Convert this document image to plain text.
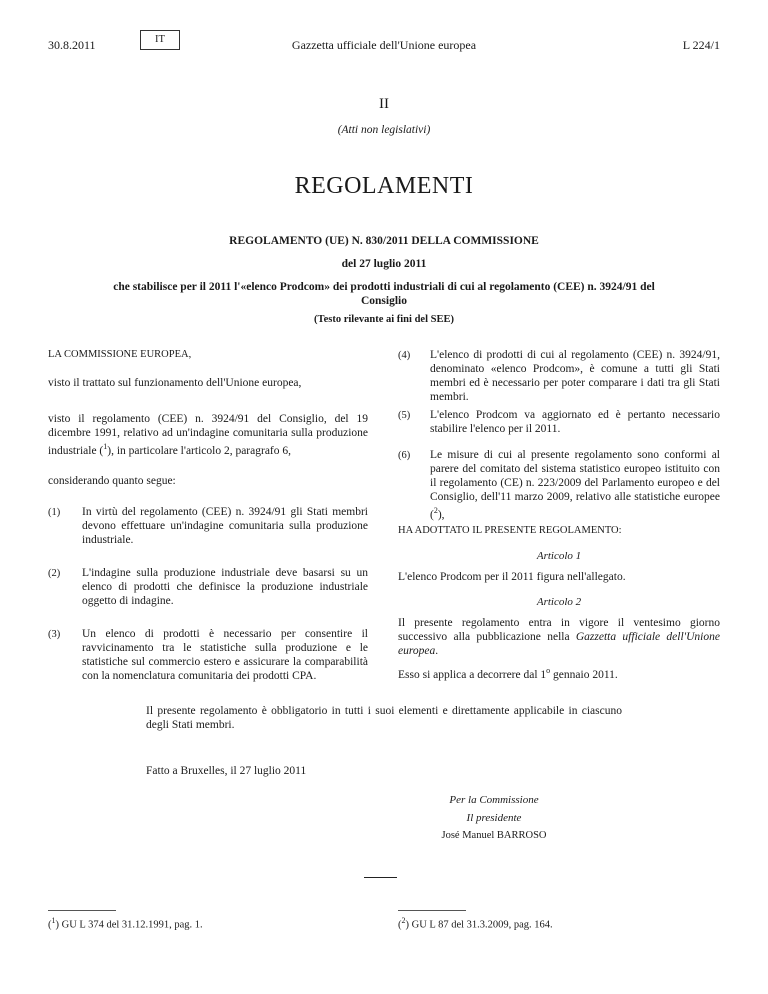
30.8.2011	IT	Gazzetta ufficiale dell'Unione europea	L 224/1
II
(Atti non legislativi)
REGOLAMENTI
REGOLAMENTO (UE) N. 830/2011 DELLA COMMISSIONE
del 27 luglio 2011
che stabilisce per il 2011 l'«elenco Prodcom» dei prodotti industriali di cui al regolamento (CEE) n. 3924/91 del Consiglio
(Testo rilevante ai fini del SEE)
LA COMMISSIONE EUROPEA,
visto il trattato sul funzionamento dell'Unione europea,
visto il regolamento (CEE) n. 3924/91 del Consiglio, del 19 dicembre 1991, relativo ad un'indagine comunitaria sulla produzione industriale ($^1$), in particolare l'articolo 2, paragrafo 6,
considerando quanto segue:
(1) In virtù del regolamento (CEE) n. 3924/91 gli Stati membri devono effettuare un'indagine comunitaria sulla produzione industriale.
(2) L'indagine sulla produzione industriale deve basarsi su un elenco di prodotti che definisce la produzione industriale oggetto di indagine.
(3) Un elenco di prodotti è necessario per consentire il ravvicinamento tra le statistiche sulla produzione e le statistiche sul commercio estero e assicurare la comparabilità con la nomenclatura comunitaria dei prodotti CPA.
(4) L'elenco di prodotti di cui al regolamento (CEE) n. 3924/91, denominato «elenco Prodcom», è comune a tutti gli Stati membri ed è necessario per poter comparare i dati tra gli Stati membri.
(5) L'elenco Prodcom va aggiornato ed è pertanto necessario stabilire l'elenco per il 2011.
(6) Le misure di cui al presente regolamento sono conformi al parere del comitato del sistema statistico europeo istituito con il regolamento (CE) n. 223/2009 del Parlamento europeo e del Consiglio, dell'11 marzo 2009, relativo alle statistiche europee ($^2$),
HA ADOTTATO IL PRESENTE REGOLAMENTO:
Articolo 1
L'elenco Prodcom per il 2011 figura nell'allegato.
Articolo 2
Il presente regolamento entra in vigore il ventesimo giorno successivo alla pubblicazione nella Gazzetta ufficiale dell'Unione europea.
Esso si applica a decorrere dal 1$^o$ gennaio 2011.
Il presente regolamento è obbligatorio in tutti i suoi elementi e direttamente applicabile in ciascuno degli Stati membri.
Fatto a Bruxelles, il 27 luglio 2011
Per la Commissione
Il presidente
José Manuel BARROSO
($^1$) GU L 374 del 31.12.1991, pag. 1.	($^2$) GU L 87 del 31.3.2009, pag. 164.
